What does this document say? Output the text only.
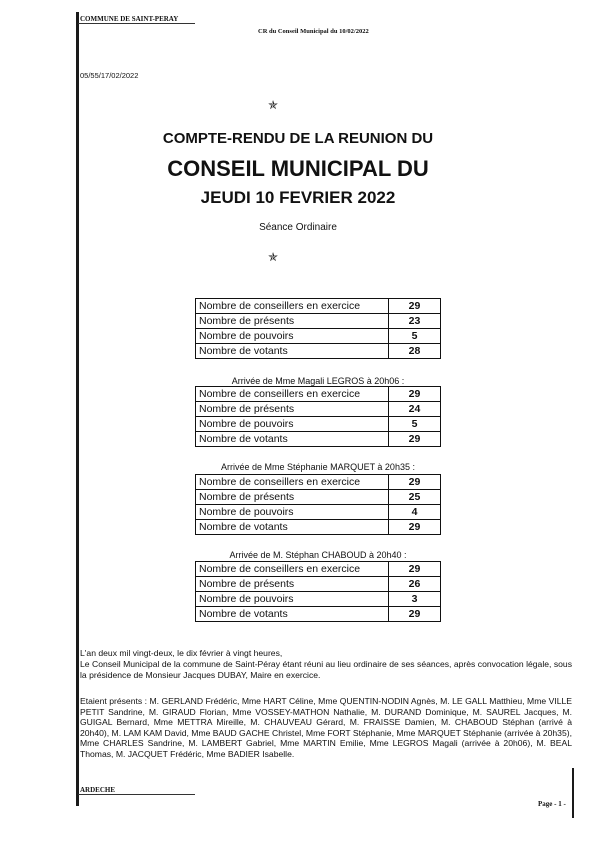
COMMUNE DE SAINT-PERAY
CR du Conseil Municipal du 10/02/2022
05/55/17/02/2022
✯
COMPTE-RENDU DE LA REUNION DU
CONSEIL MUNICIPAL DU
JEUDI 10 FEVRIER 2022
Séance Ordinaire
✯
Nombre de conseillers en exercice	29
Nombre de présents	23
Nombre de pouvoirs	5
Nombre de votants	28
Arrivée de Mme Magali LEGROS à 20h06 :
Nombre de conseillers en exercice	29
Nombre de présents	24
Nombre de pouvoirs	5
Nombre de votants	29
Arrivée de Mme Stéphanie MARQUET à 20h35 :
Nombre de conseillers en exercice	29
Nombre de présents	25
Nombre de pouvoirs	4
Nombre de votants	29
Arrivée de M. Stéphan CHABOUD à 20h40 :
Nombre de conseillers en exercice	29
Nombre de présents	26
Nombre de pouvoirs	3
Nombre de votants	29
L'an deux mil vingt-deux, le dix février à vingt heures,
Le Conseil Municipal de la commune de Saint-Péray étant réuni au lieu ordinaire de ses séances, après convocation légale, sous la présidence de Monsieur Jacques DUBAY, Maire en exercice.
Etaient présents : M. GERLAND Frédéric, Mme HART Céline, Mme QUENTIN-NODIN Agnès, M. LE GALL Matthieu, Mme VILLE PETIT Sandrine, M. GIRAUD Florian, Mme VOSSEY-MATHON Nathalie, M. DURAND Dominique, M. SAUREL Jacques, M. GUIGAL Bernard, Mme METTRA Mireille, M. CHAUVEAU Gérard, M. FRAISSE Damien, M. CHABOUD Stéphan (arrivé à 20h40), M. LAM KAM David, Mme BAUD GACHE Christel, Mme FORT Stéphanie, Mme MARQUET Stéphanie (arrivée à 20h35), Mme CHARLES Sandrine, M. LAMBERT Gabriel, Mme MARTIN Emilie, Mme LEGROS Magali (arrivée à 20h06), M. BEAL Thomas, M. JACQUET Frédéric, Mme BADIER Isabelle.
ARDECHE
Page - 1 -
